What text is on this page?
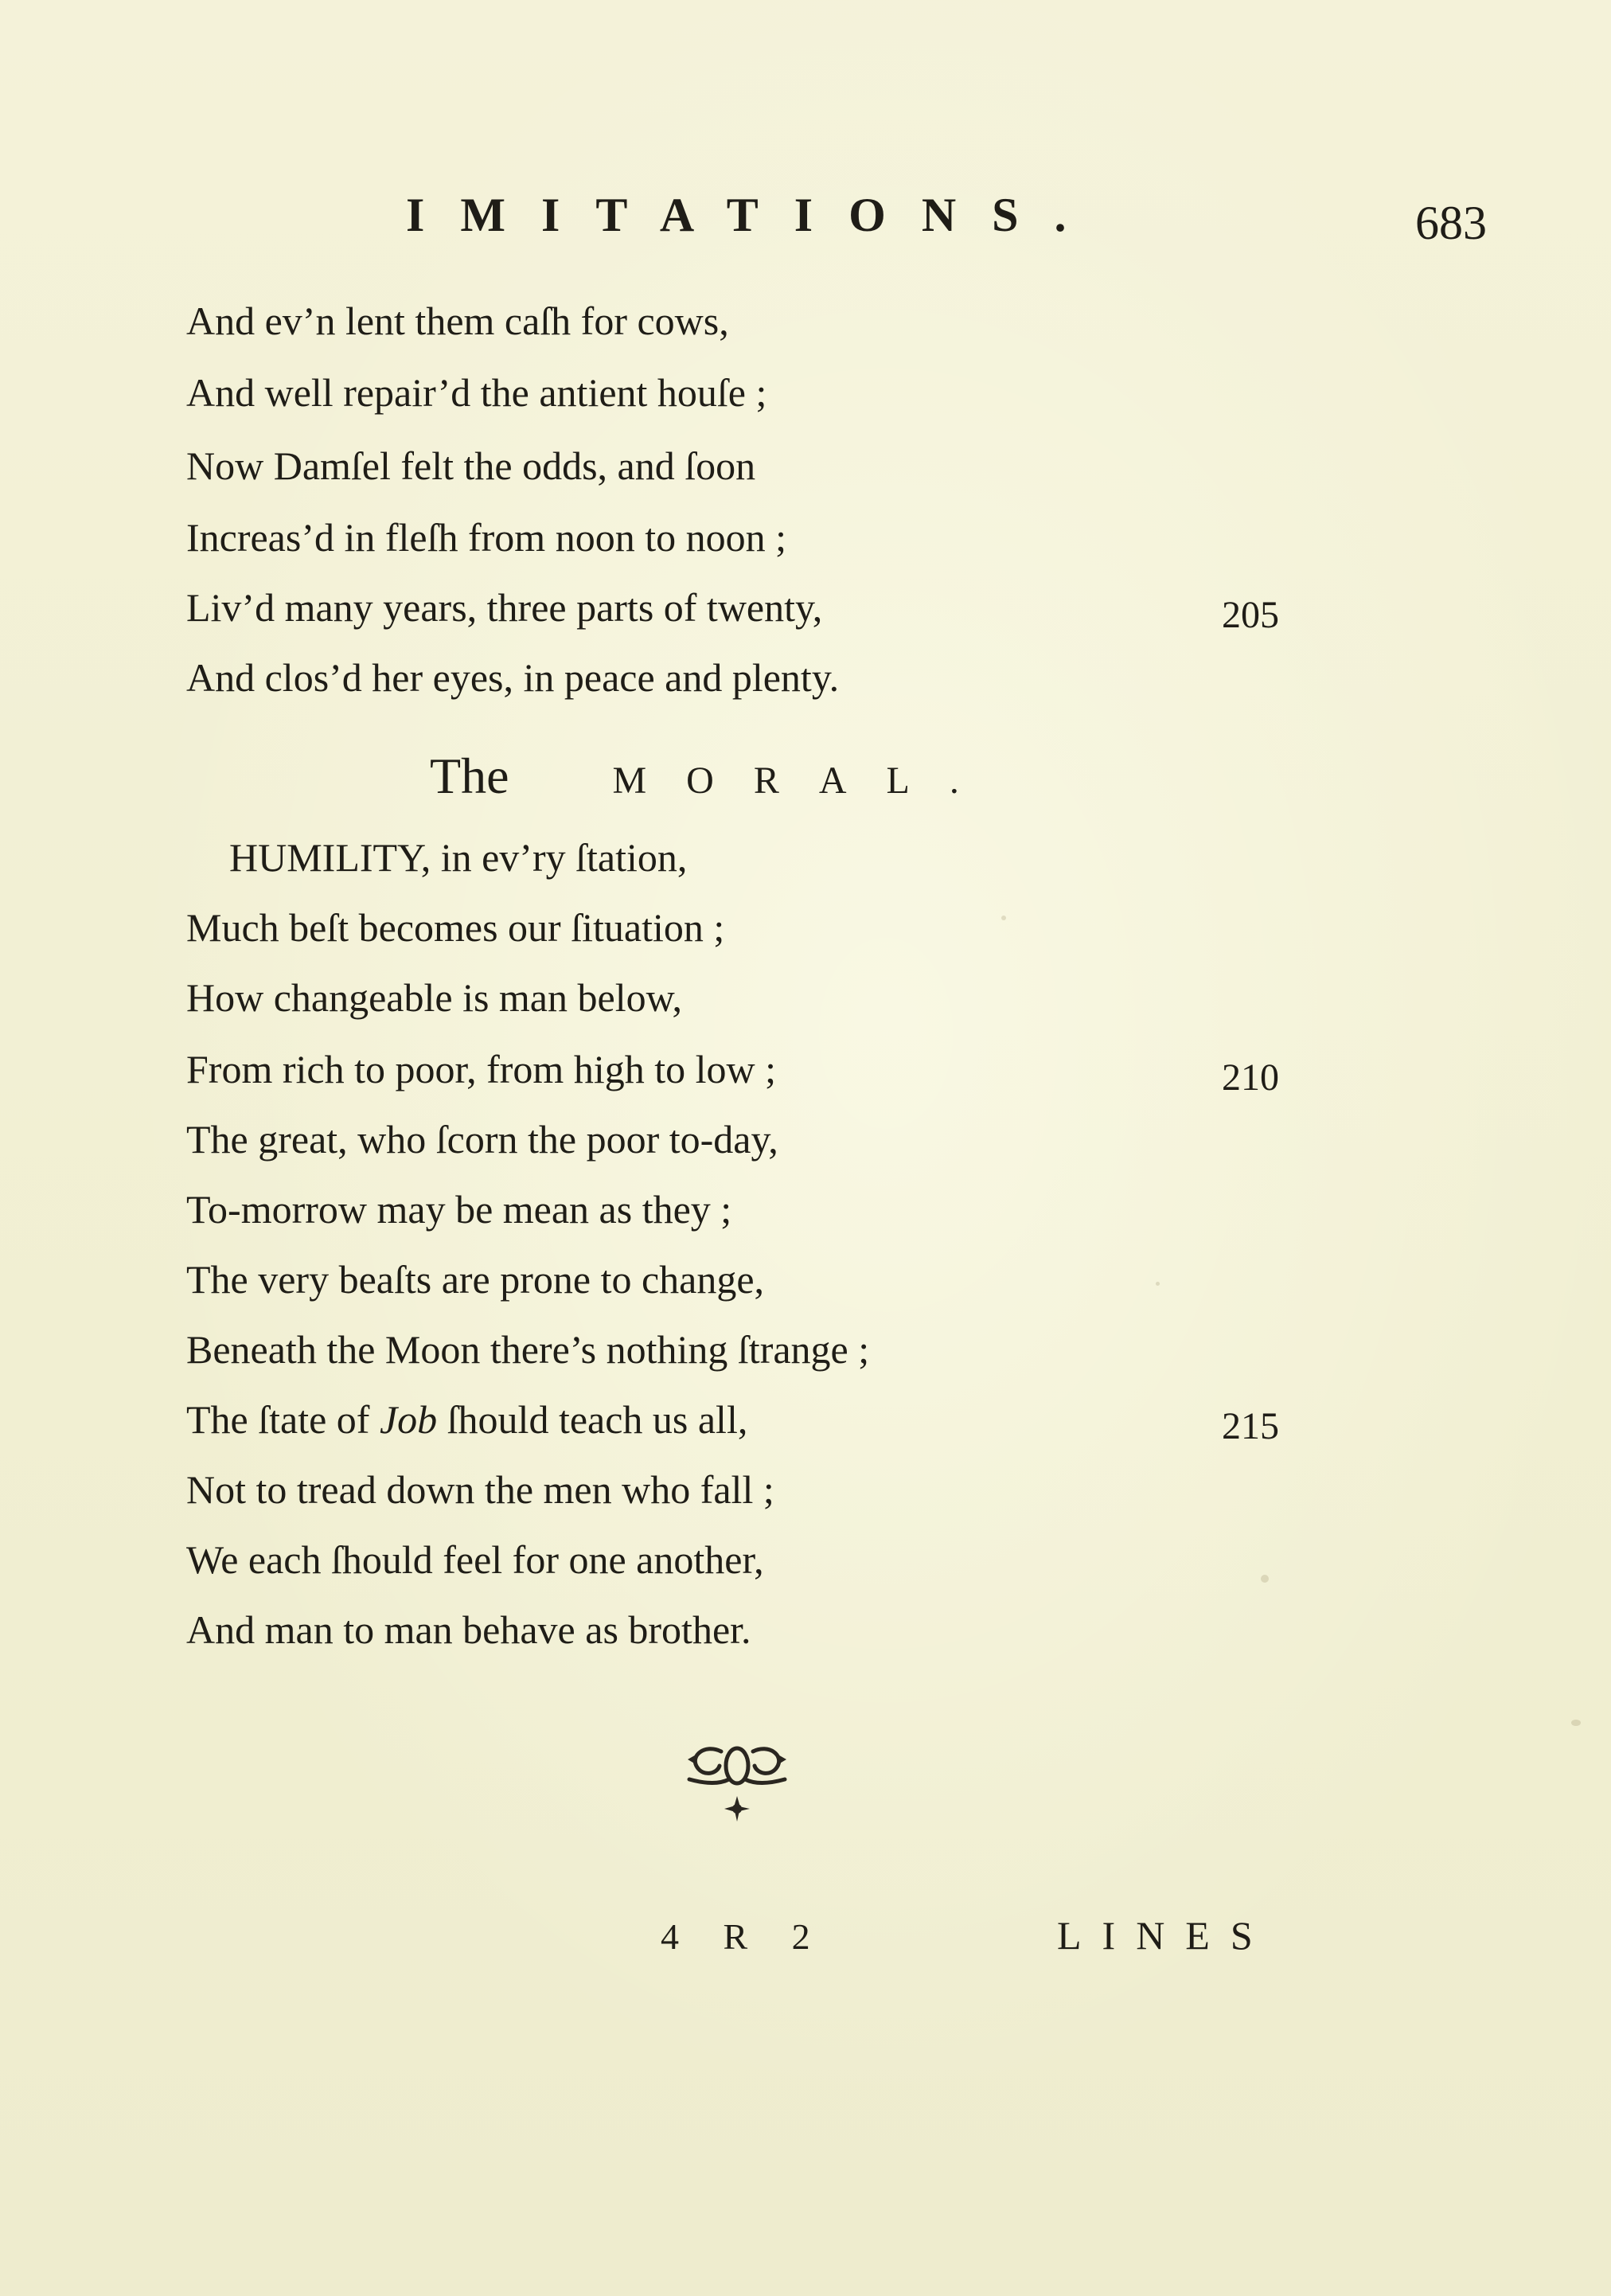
IMITATIONS.	683
And ev’n lent them caſh for cows,
And well repair’d the antient houſe ;
Now Damſel felt the odds, and ſoon
Increas’d in fleſh from noon to noon ;
Liv’d many years, three parts of twenty,	205
And clos’d her eyes, in peace and plenty.
The	MORAL.
HUMILITY, in ev’ry ſtation,
Much beſt becomes our ſituation ;
How changeable is man below,
From rich to poor, from high to low ;	210
The great, who ſcorn the poor to-day,
To-morrow may be mean as they ;
The very beaſts are prone to change,
Beneath the Moon there’s nothing ſtrange ;
The ſtate of Job ſhould teach us all,	215
Not to tread down the men who fall ;
We each ſhould feel for one another,
And man to man behave as brother.
4 R 2	LINES
